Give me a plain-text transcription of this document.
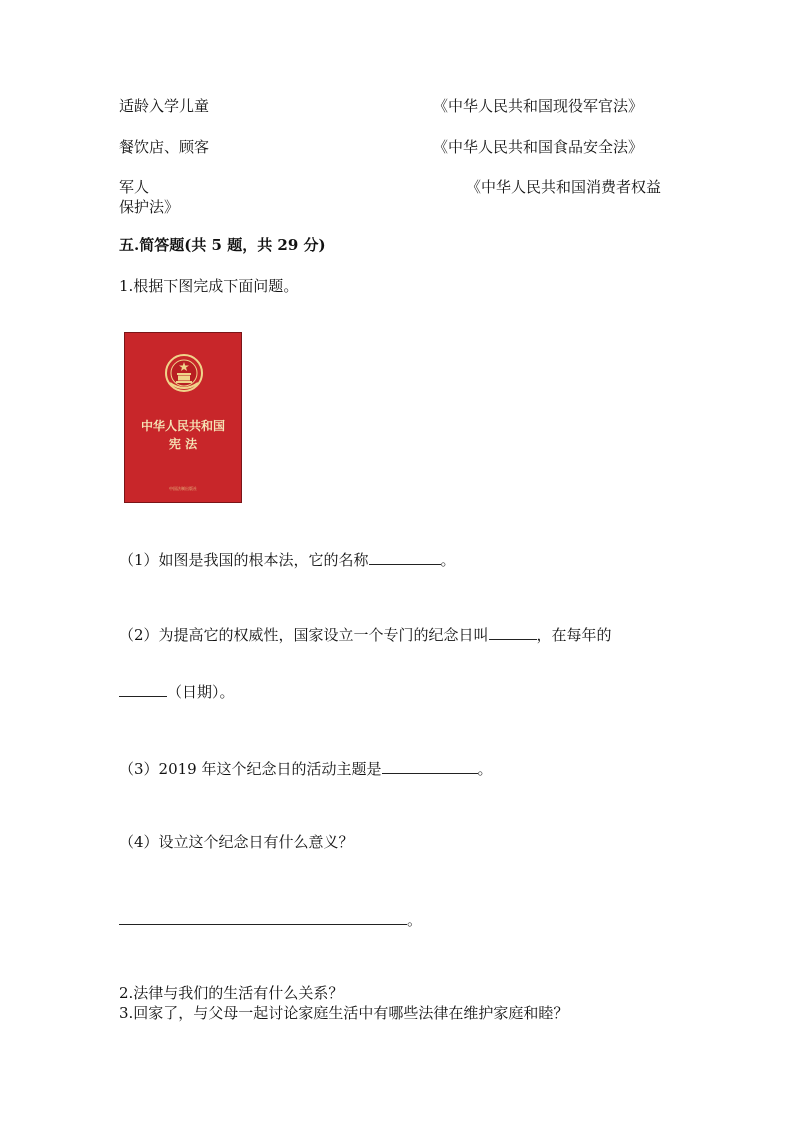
适龄入学儿童	《中华人民共和国现役军官法》
餐饮店、顾客	《中华人民共和国食品安全法》
军人	《中华人民共和国消费者权益
保护法》
五.简答题(共 5 题，共 29 分)
1.根据下图完成下面问题。
中华人民共和国
宪 法
中国法制出版社
（1）如图是我国的根本法，它的名称	。
（2）为提高它的权威性，国家设立一个专门的纪念日叫	，在每年的
（日期）。
（3）2019 年这个纪念日的活动主题是	。
（4）设立这个纪念日有什么意义？
。
2.法律与我们的生活有什么关系？
3.回家了，与父母一起讨论家庭生活中有哪些法律在维护家庭和睦？
